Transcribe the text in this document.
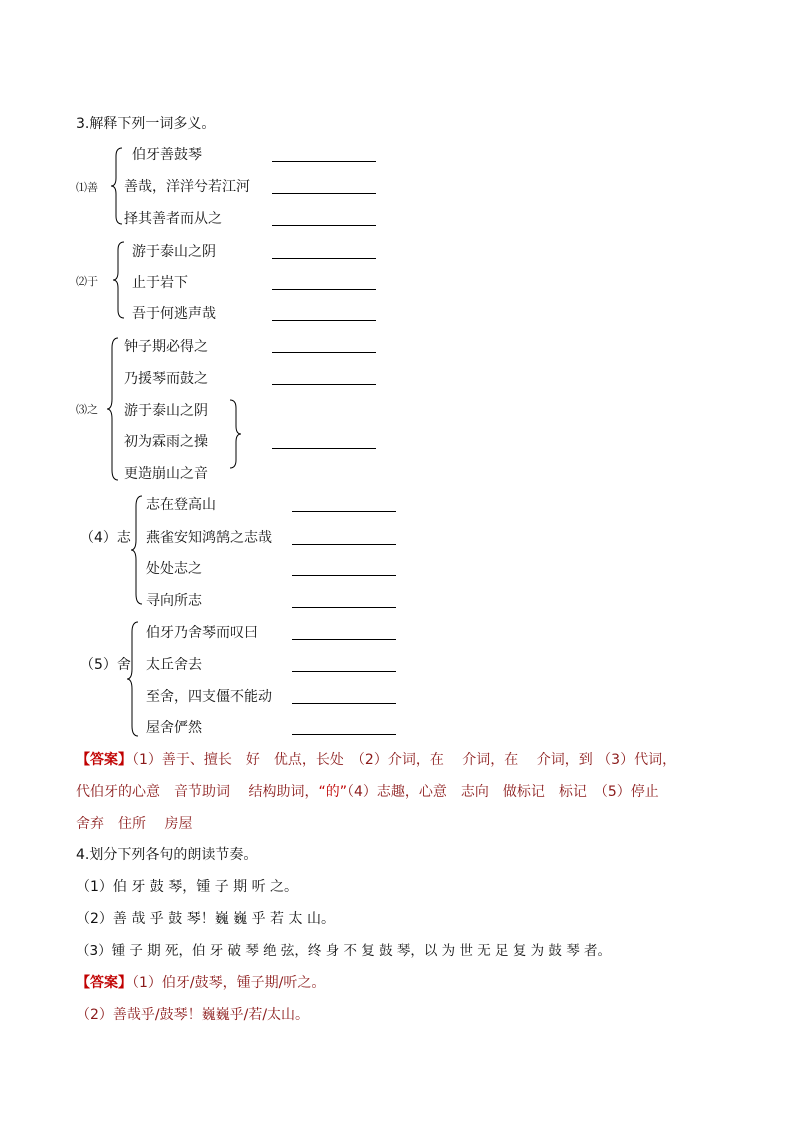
3.解释下列一词多义。
⑴善
伯牙善鼓琴
善哉，洋洋兮若江河
择其善者而从之
⑵于
游于泰山之阴
止于岩下
吾于何逃声哉
⑶之
钟子期必得之
乃援琴而鼓之
游于泰山之阴
初为霖雨之操
更造崩山之音
（4）志
志在登高山
燕雀安知鸿鹄之志哉
处处志之
寻向所志
（5）舍
伯牙乃舍琴而叹曰
太丘舍去
至舍，四支僵不能动
屋舍俨然
【答案】（1）善于、擅长　好　优点，长处　（2）介词，在　 介词，在　 介词，到 （3）代词，
代伯牙的心意　音节助词　 结构助词，“的”（4）志趣，心意　志向　做标记　标记　（5）停止
舍弃　住所　 房屋
4.划分下列各句的朗读节奏。
（1）伯 牙 鼓 琴，锺 子 期 听 之。
（2）善 哉 乎 鼓 琴！巍 巍 乎 若 太 山。
（3）锺 子 期 死，伯 牙 破 琴 绝 弦，终 身 不 复 鼓 琴，以 为 世 无 足 复 为 鼓 琴 者。
【答案】（1）伯牙/鼓琴，锺子期/听之。
（2）善哉乎/鼓琴！巍巍乎/若/太山。
